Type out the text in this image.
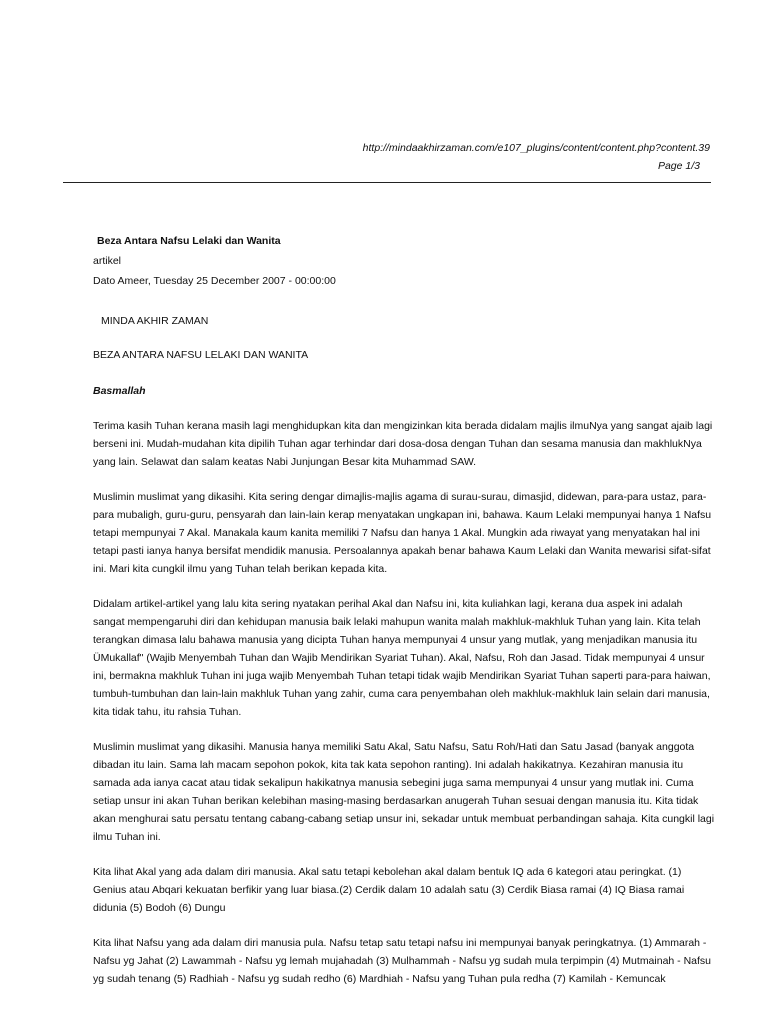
http://mindaakhirzaman.com/e107_plugins/content/content.php?content.39
Page 1/3
Beza Antara Nafsu Lelaki dan Wanita
artikel
Dato Ameer, Tuesday 25 December 2007 - 00:00:00
MINDA AKHIR ZAMAN
BEZA ANTARA NAFSU LELAKI DAN WANITA
Basmallah

Terima kasih Tuhan kerana masih lagi menghidupkan kita dan mengizinkan kita berada didalam majlis ilmuNya yang sangat ajaib lagi berseni ini. Mudah-mudahan kita dipilih Tuhan agar terhindar dari dosa-dosa dengan Tuhan dan sesama manusia dan makhlukNya yang lain. Selawat dan salam keatas Nabi Junjungan Besar kita Muhammad SAW.

Muslimin muslimat yang dikasihi. Kita sering dengar dimajlis-majlis agama di surau-surau, dimasjid, didewan, para-para ustaz, para-para mubaligh, guru-guru, pensyarah dan lain-lain kerap menyatakan ungkapan ini, bahawa. Kaum Lelaki mempunyai hanya 1 Nafsu tetapi mempunyai 7 Akal. Manakala kaum kanita memiliki 7 Nafsu dan hanya 1 Akal. Mungkin ada riwayat yang menyatakan hal ini tetapi pasti ianya hanya bersifat mendidik manusia. Persoalannya apakah benar bahawa Kaum Lelaki dan Wanita mewarisi sifat-sifat ini. Mari kita cungkil ilmu yang Tuhan telah berikan kepada kita.

Didalam artikel-artikel yang lalu kita sering nyatakan perihal Akal dan Nafsu ini, kita kuliahkan lagi, kerana dua aspek ini adalah sangat mempengaruhi diri dan kehidupan manusia baik lelaki mahupun wanita malah makhluk-makhluk Tuhan yang lain. Kita telah terangkan dimasa lalu bahawa manusia yang dicipta Tuhan hanya mempunyai 4 unsur yang mutlak, yang menjadikan manusia itu ÜMukallaf" (Wajib Menyembah Tuhan dan Wajib Mendirikan Syariat Tuhan). Akal, Nafsu, Roh dan Jasad. Tidak mempunyai 4 unsur ini, bermakna makhluk Tuhan ini juga wajib Menyembah Tuhan tetapi tidak wajib Mendirikan Syariat Tuhan saperti para-para haiwan, tumbuh-tumbuhan dan lain-lain makhluk Tuhan yang zahir, cuma cara penyembahan oleh makhluk-makhluk lain selain dari manusia, kita tidak tahu, itu rahsia Tuhan.

Muslimin muslimat yang dikasihi. Manusia hanya memiliki Satu Akal, Satu Nafsu, Satu Roh/Hati dan Satu Jasad (banyak anggota dibadan itu lain. Sama lah macam sepohon pokok, kita tak kata sepohon ranting). Ini adalah hakikatnya. Kezahiran manusia itu samada ada ianya cacat atau tidak sekalipun hakikatnya manusia sebegini juga sama mempunyai 4 unsur yang mutlak ini. Cuma setiap unsur ini akan Tuhan berikan kelebihan masing-masing berdasarkan anugerah Tuhan sesuai dengan manusia itu. Kita tidak akan menghurai satu persatu tentang cabang-cabang setiap unsur ini, sekadar untuk membuat perbandingan sahaja. Kita cungkil lagi ilmu Tuhan ini.

Kita lihat Akal yang ada dalam diri manusia. Akal satu tetapi kebolehan akal dalam bentuk IQ ada 6 kategori atau peringkat. (1) Genius atau Abqari kekuatan berfikir yang luar biasa.(2) Cerdik dalam 10 adalah satu (3) Cerdik Biasa ramai (4) IQ Biasa ramai didunia (5) Bodoh (6) Dungu

Kita lihat Nafsu yang ada dalam diri manusia pula. Nafsu tetap satu tetapi nafsu ini mempunyai banyak peringkatnya. (1) Ammarah - Nafsu yg Jahat (2) Lawammah - Nafsu yg lemah mujahadah (3) Mulhammah - Nafsu yg sudah mula terpimpin (4) Mutmainah - Nafsu yg sudah tenang (5) Radhiah - Nafsu yg sudah redho (6) Mardhiah - Nafsu yang Tuhan pula redha (7) Kamilah - Kemuncak
